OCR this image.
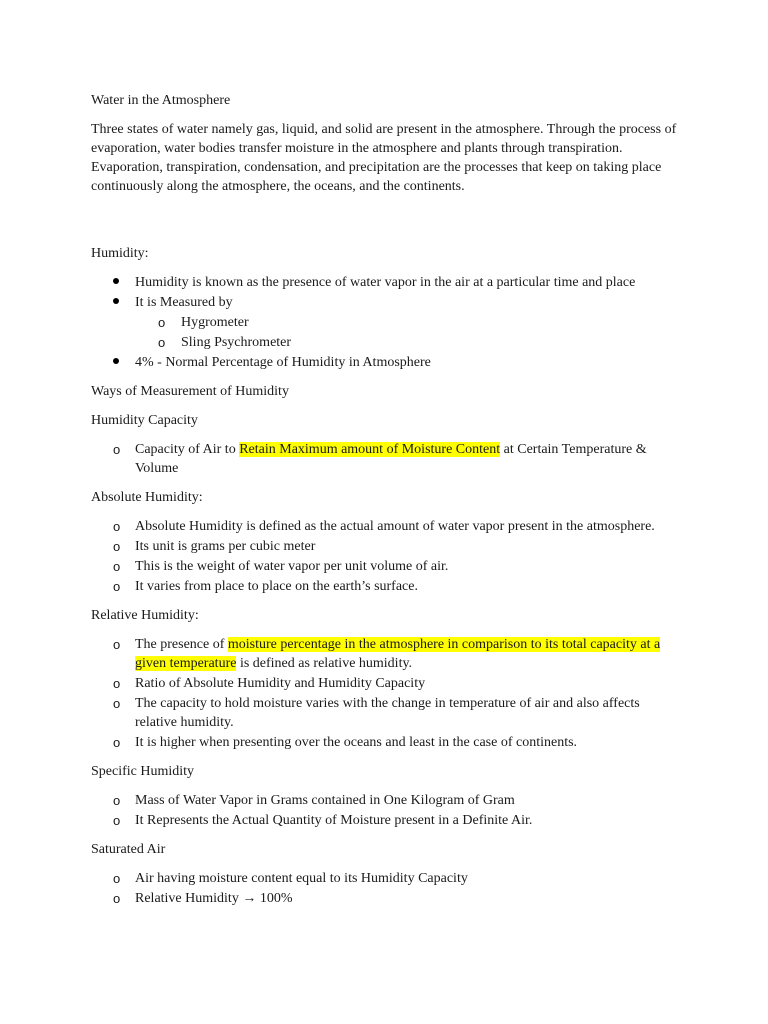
Water in the Atmosphere

Three states of water namely gas, liquid, and solid are present in the atmosphere. Through the process of evaporation, water bodies transfer moisture in the atmosphere and plants through transpiration. Evaporation, transpiration, condensation, and precipitation are the processes that keep on taking place continuously along the atmosphere, the oceans, and the continents.

Humidity:

Humidity is known as the presence of water vapor in the air at a particular time and place
It is Measured by
o	Hygrometer
o	Sling Psychrometer
4% - Normal Percentage of Humidity in Atmosphere

Ways of Measurement of Humidity

Humidity Capacity

o	Capacity of Air to Retain Maximum amount of Moisture Content at Certain Temperature & Volume

Absolute Humidity:

o	Absolute Humidity is defined as the actual amount of water vapor present in the atmosphere.
o	Its unit is grams per cubic meter
o	This is the weight of water vapor per unit volume of air.
o	It varies from place to place on the earth’s surface.

Relative Humidity:

o	The presence of moisture percentage in the atmosphere in comparison to its total capacity at a given temperature is defined as relative humidity.
o	Ratio of Absolute Humidity and Humidity Capacity
o	The capacity to hold moisture varies with the change in temperature of air and also affects relative humidity.
o	It is higher when presenting over the oceans and least in the case of continents.

Specific Humidity

o	Mass of Water Vapor in Grams contained in One Kilogram of Gram
o	It Represents the Actual Quantity of Moisture present in a Definite Air.

Saturated Air

o	Air having moisture content equal to its Humidity Capacity
o	Relative Humidity → 100%
